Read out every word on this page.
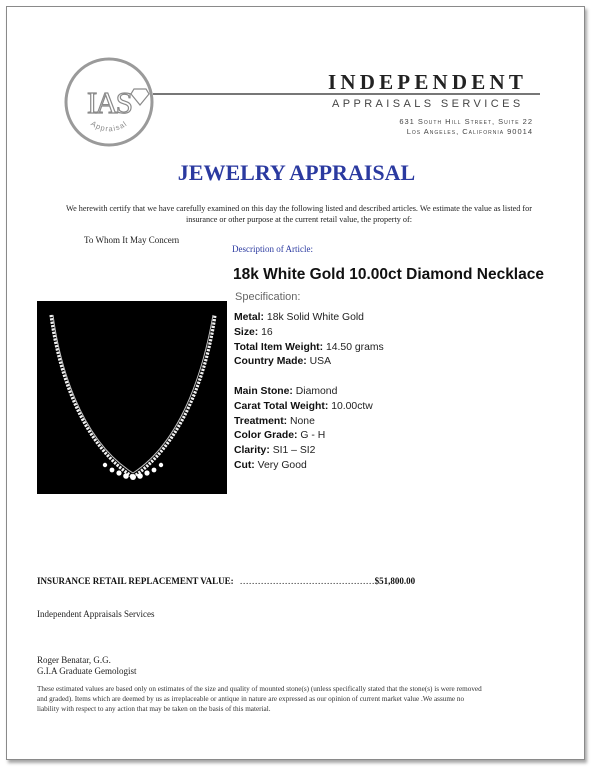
IAS
Appraisal
INDEPENDENT
APPRAISALS SERVICES
631 South Hill Street, Suite 22
Los Angeles, California 90014
JEWELRY APPRAISAL
We herewith certify that we have carefully examined on this day the following listed and described articles. We estimate the value as listed for insurance or other purpose at the current retail value, the property of:
To Whom It May Concern
Description of Article:
18k White Gold 10.00ct Diamond Necklace
Specification:
Metal: 18k Solid White Gold
Size: 16
Total Item Weight: 14.50 grams
Country Made: USA
Main Stone: Diamond
Carat Total Weight: 10.00ctw
Treatment: None
Color Grade: G - H
Clarity: SI1 – SI2
Cut: Very Good
INSURANCE RETAIL REPLACEMENT VALUE: ………………………………………$51,800.00
Independent Appraisals Services
Roger Benatar, G.G.
G.I.A Graduate Gemologist
These estimated values are based only on estimates of the size and quality of mounted stone(s) (unless specifically stated that the stone(s) is were removed and graded). Items which are deemed by us as irreplaceable or antique in nature are expressed as our opinion of current market value .We assume no liability with respect to any action that may be taken on the basis of this material.
